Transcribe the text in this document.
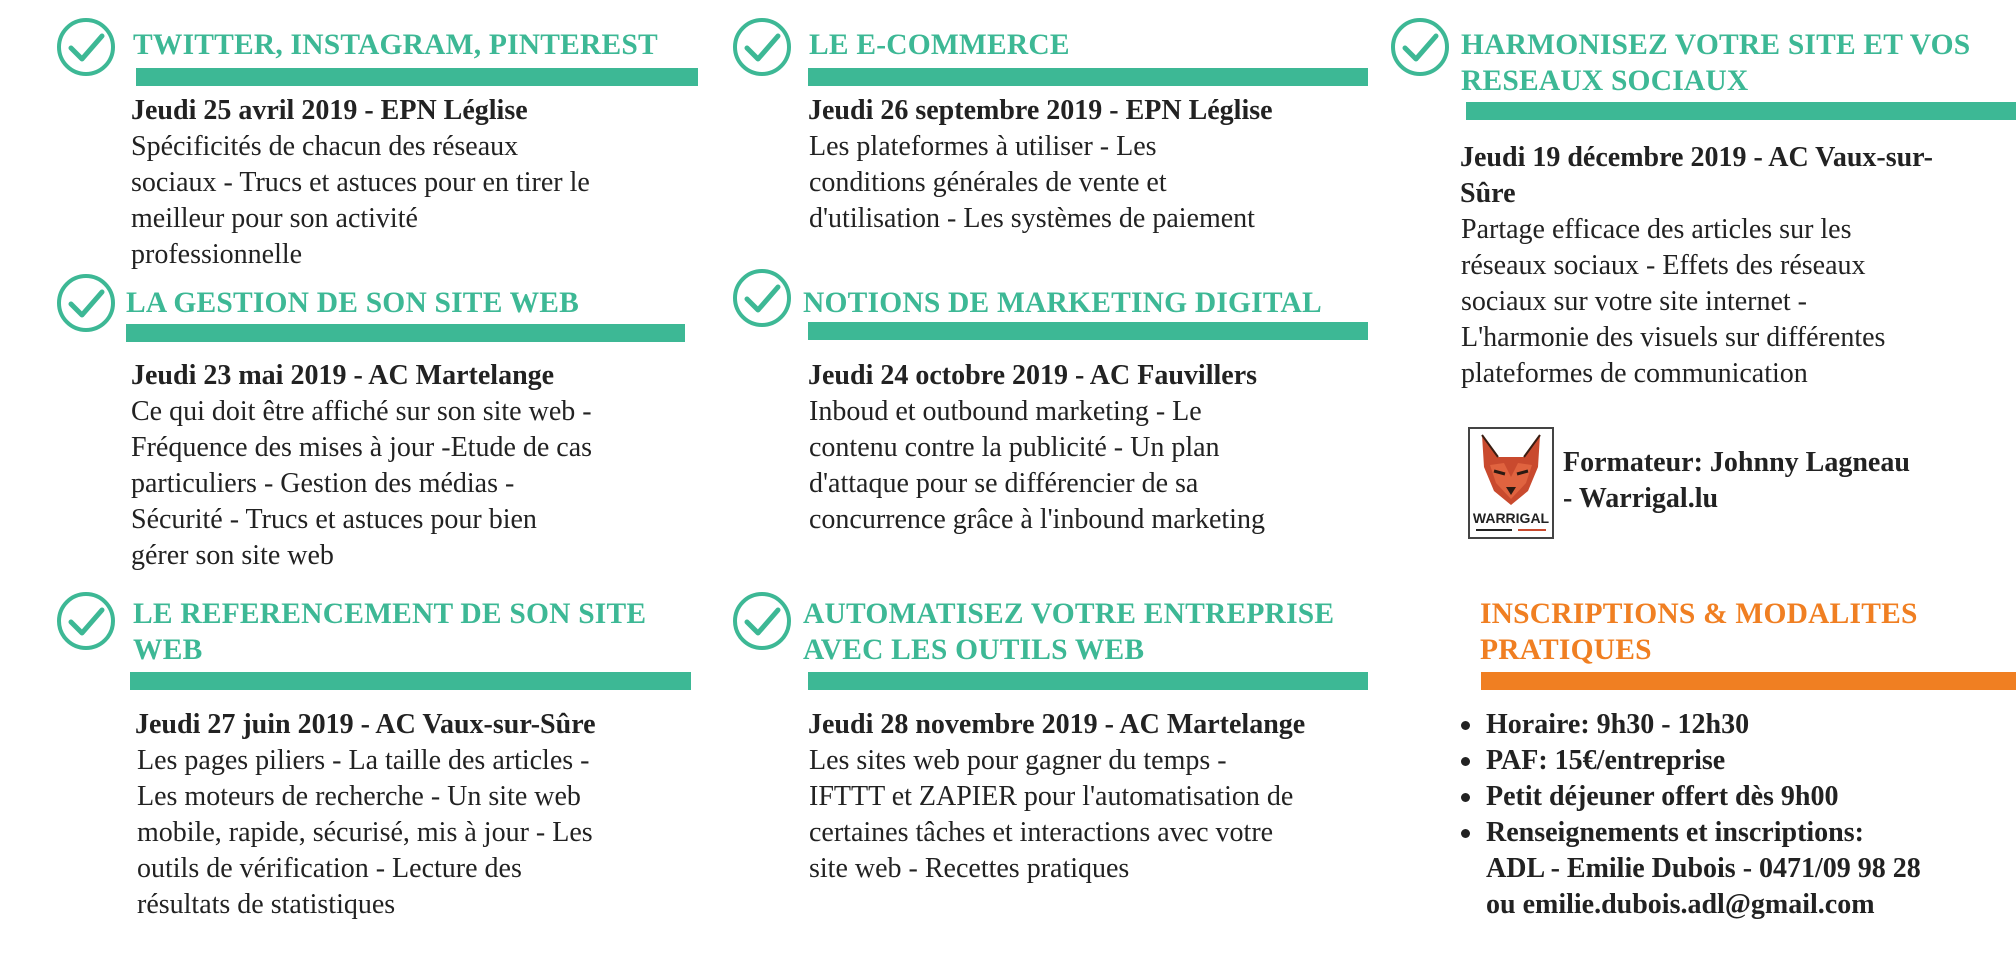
TWITTER, INSTAGRAM, PINTEREST
Jeudi 25 avril 2019 - EPN Léglise
Spécificités de chacun des réseaux
sociaux - Trucs et astuces pour en tirer le
meilleur pour son activité
professionnelle
LA GESTION DE SON SITE WEB
Jeudi 23 mai 2019 - AC Martelange
Ce qui doit être affiché sur son site web -
Fréquence des mises à jour -Etude de cas
particuliers - Gestion des médias -
Sécurité - Trucs et astuces pour bien
gérer son site web
LE REFERENCEMENT DE SON SITE
WEB
Jeudi 27 juin 2019 - AC Vaux-sur-Sûre
Les pages piliers - La taille des articles -
Les moteurs de recherche - Un site web
mobile, rapide, sécurisé, mis à jour - Les
outils de vérification - Lecture des
résultats de statistiques
LE E-COMMERCE
Jeudi 26 septembre 2019 - EPN Léglise
Les plateformes à utiliser - Les
conditions générales de vente et
d'utilisation - Les systèmes de paiement
NOTIONS DE MARKETING DIGITAL
Jeudi 24 octobre 2019 - AC Fauvillers
Inboud et outbound marketing - Le
contenu contre la publicité - Un plan
d'attaque pour se différencier de sa
concurrence grâce à l'inbound marketing
AUTOMATISEZ VOTRE ENTREPRISE
AVEC LES OUTILS WEB
Jeudi 28 novembre 2019 - AC Martelange
Les sites web pour gagner du temps -
IFTTT et ZAPIER pour l'automatisation de
certaines tâches et interactions avec votre
site web - Recettes pratiques
HARMONISEZ VOTRE SITE ET VOS
RESEAUX SOCIAUX
Jeudi 19 décembre 2019 - AC Vaux-sur-
Sûre
Partage efficace des articles sur les
réseaux sociaux - Effets des réseaux
sociaux sur votre site internet -
L'harmonie des visuels sur différentes
plateformes de communication
WARRIGAL
Formateur: Johnny Lagneau
- Warrigal.lu
INSCRIPTIONS & MODALITES
PRATIQUES
Horaire: 9h30 - 12h30
PAF: 15€/entreprise
Petit déjeuner offert dès 9h00
Renseignements et inscriptions:
ADL - Emilie Dubois - 0471/09 98 28
ou emilie.dubois.adl@gmail.com
